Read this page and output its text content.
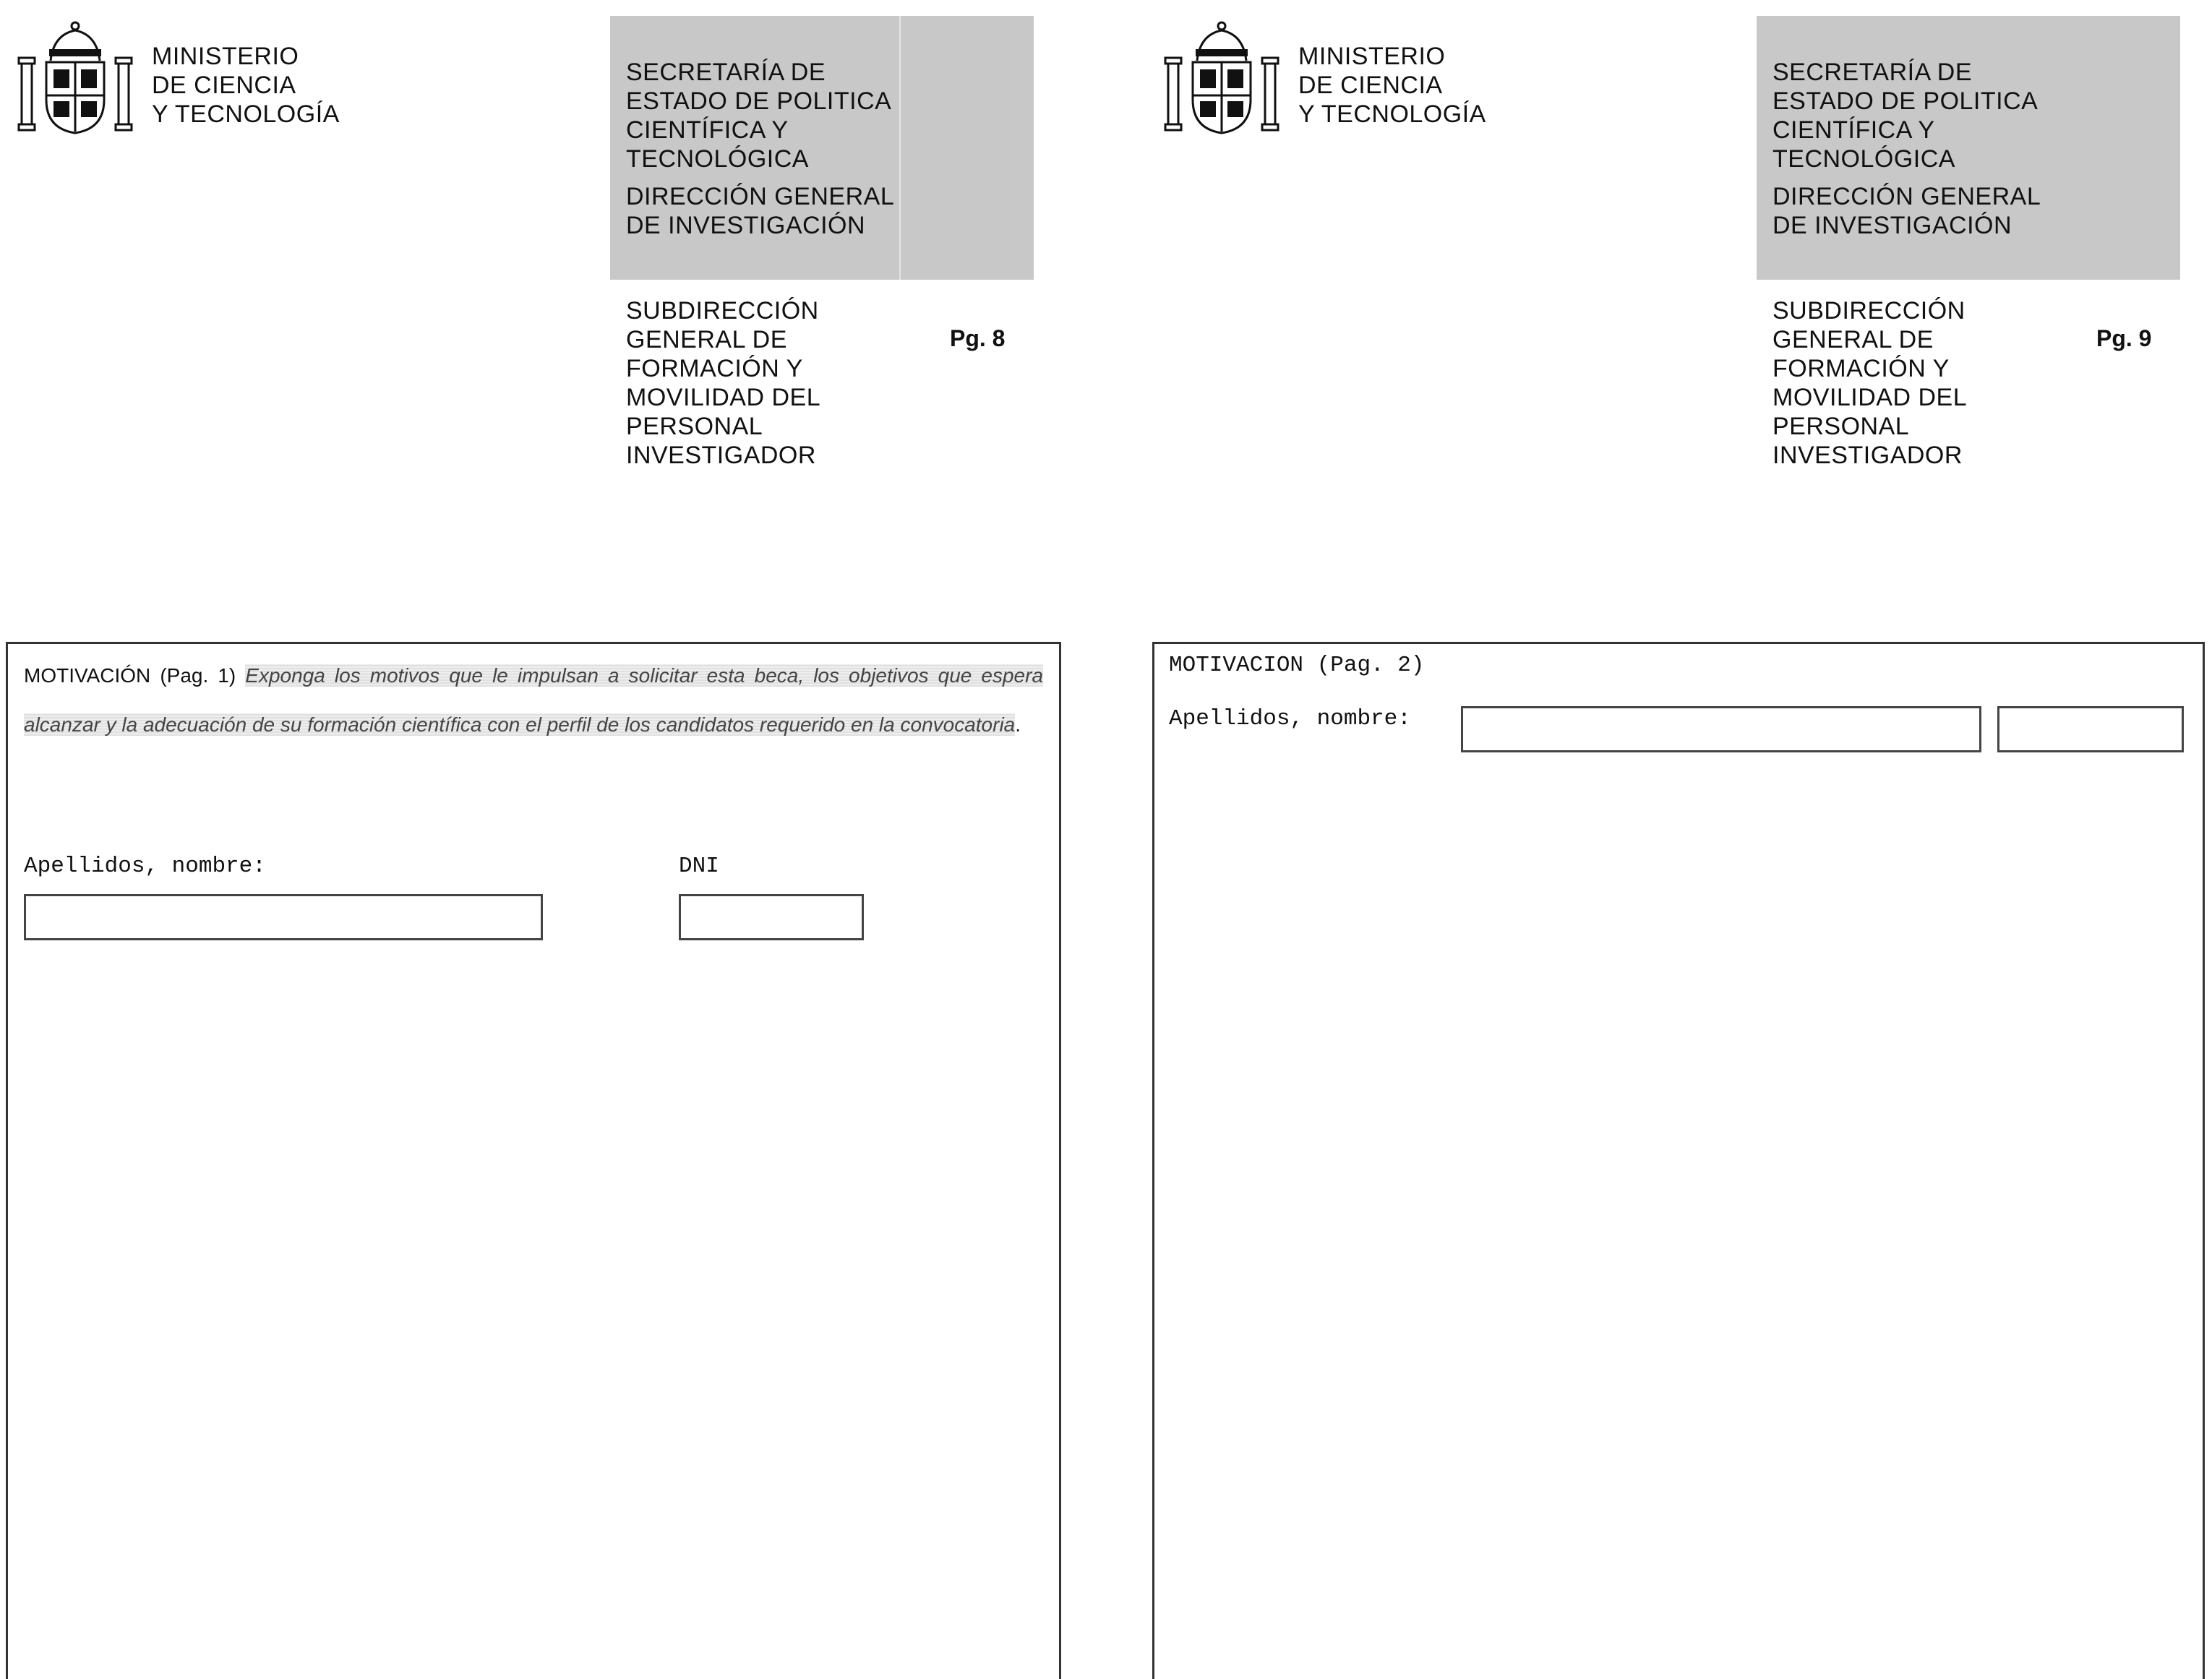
MINISTERIO
DE CIENCIA
Y TECNOLOGÍA
SECRETARÍA DE
ESTADO DE POLITICA
CIENTÍFICA Y
TECNOLÓGICA
DIRECCIÓN GENERAL
DE INVESTIGACIÓN
SUBDIRECCIÓN
GENERAL DE
FORMACIÓN Y
MOVILIDAD DEL
PERSONAL
INVESTIGADOR
Pg. 8
MOTIVACIÓN (Pag. 1) Exponga los motivos que le impulsan a solicitar esta beca, los objetivos que espera alcanzar y la adecuación de su formación científica con el perfil de los candidatos requerido en la convocatoria.
Apellidos, nombre:	DNI
MINISTERIO
DE CIENCIA
Y TECNOLOGÍA
SECRETARÍA DE
ESTADO DE POLITICA
CIENTÍFICA Y
TECNOLÓGICA
DIRECCIÓN GENERAL
DE INVESTIGACIÓN
SUBDIRECCIÓN
GENERAL DE
FORMACIÓN Y
MOVILIDAD DEL
PERSONAL
INVESTIGADOR
Pg. 9
MOTIVACION (Pag. 2)
Apellidos, nombre:
